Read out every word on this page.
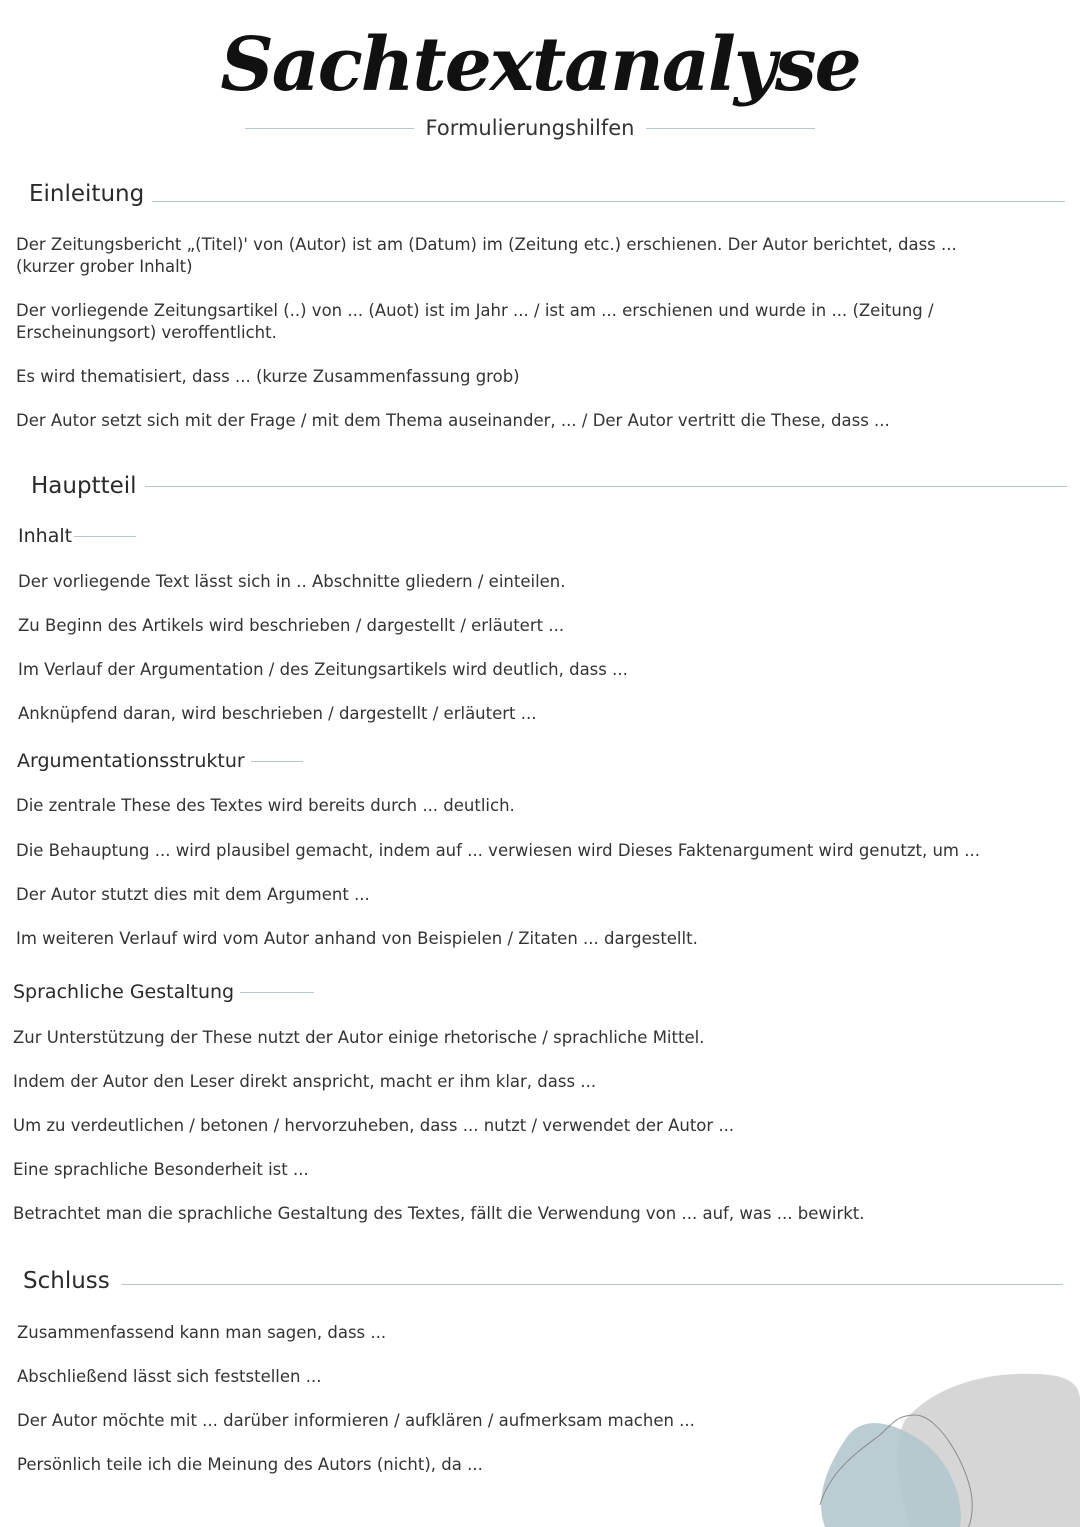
Sachtextanalyse
Formulierungshilfen
Einleitung
Der Zeitungsbericht „(Titel)' von (Autor) ist am (Datum) im (Zeitung etc.) erschienen. Der Autor berichtet, dass ...
(kurzer grober Inhalt)
Der vorliegende Zeitungsartikel (..) von ... (Auot) ist im Jahr ... / ist am ... erschienen und wurde in ... (Zeitung /
Erscheinungsort) veroffentlicht.
Es wird thematisiert, dass ... (kurze Zusammenfassung grob)
Der Autor setzt sich mit der Frage / mit dem Thema auseinander, ... / Der Autor vertritt die These, dass ...
Hauptteil
Inhalt
Der vorliegende Text lässt sich in .. Abschnitte gliedern / einteilen.
Zu Beginn des Artikels wird beschrieben / dargestellt / erläutert ...
Im Verlauf der Argumentation / des Zeitungsartikels wird deutlich, dass ...
Anknüpfend daran, wird beschrieben / dargestellt / erläutert ...
Argumentationsstruktur
Die zentrale These des Textes wird bereits durch ... deutlich.
Die Behauptung ... wird plausibel gemacht, indem auf ... verwiesen wird Dieses Faktenargument wird genutzt, um ...
Der Autor stutzt dies mit dem Argument ...
Im weiteren Verlauf wird vom Autor anhand von Beispielen / Zitaten ... dargestellt.
Sprachliche Gestaltung
Zur Unterstützung der These nutzt der Autor einige rhetorische / sprachliche Mittel.
Indem der Autor den Leser direkt anspricht, macht er ihm klar, dass ...
Um zu verdeutlichen / betonen / hervorzuheben, dass ... nutzt / verwendet der Autor ...
Eine sprachliche Besonderheit ist ...
Betrachtet man die sprachliche Gestaltung des Textes, fällt die Verwendung von ... auf, was ... bewirkt.
Schluss
Zusammenfassend kann man sagen, dass ...
Abschließend lässt sich feststellen ...
Der Autor möchte mit ... darüber informieren / aufklären / aufmerksam machen ...
Persönlich teile ich die Meinung des Autors (nicht), da ...
